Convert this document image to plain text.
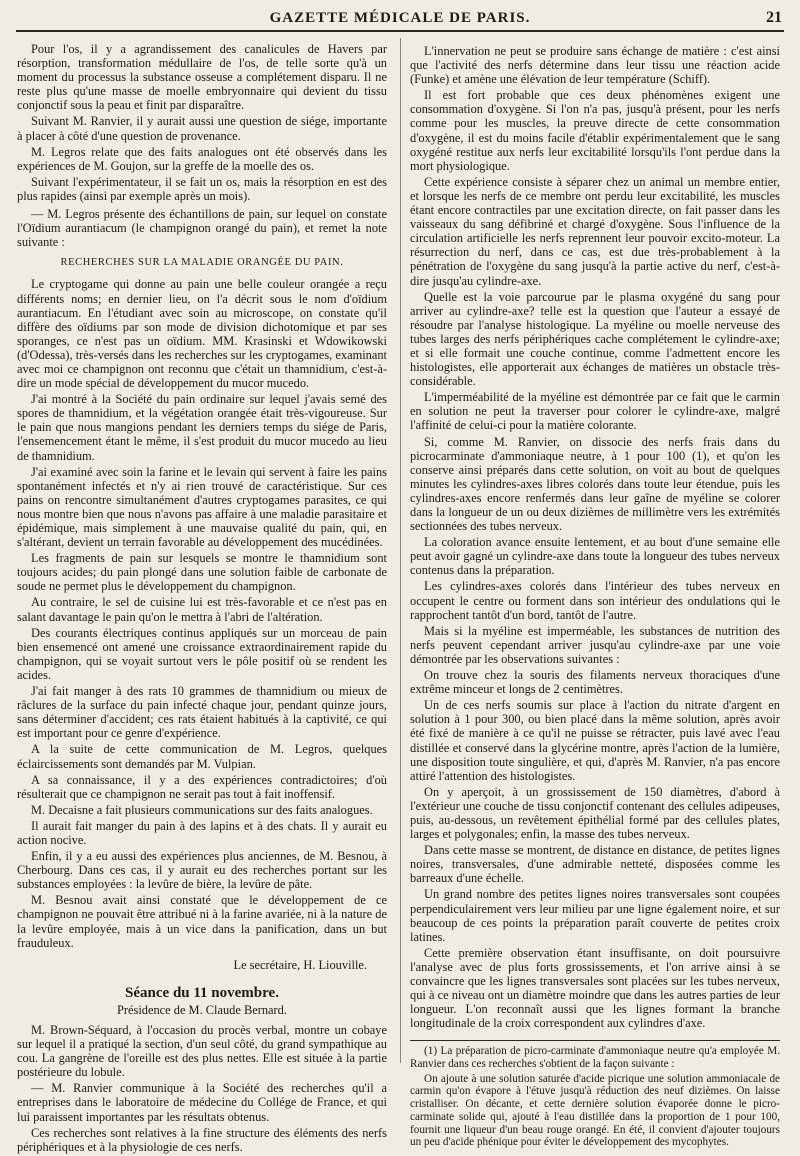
GAZETTE MÉDICALE DE PARIS.	21

Pour l'os, il y a agrandissement des canalicules de Havers par résorption, transformation médullaire de l'os, de telle sorte qu'à un moment du processus la substance osseuse a complétement disparu. Il ne reste plus qu'une masse de moelle embryonnaire qui devient du tissu conjonctif sous la peau et finit par disparaître.

Suivant M. Ranvier, il y aurait aussi une question de siége, importante à placer à côté d'une question de provenance.

M. Legros relate que des faits analogues ont été observés dans les expériences de M. Goujon, sur la greffe de la moelle des os.

Suivant l'expérimentateur, il se fait un os, mais la résorption en est des plus rapides (ainsi par exemple après un mois).

— M. Legros présente des échantillons de pain, sur lequel on constate l'Oïdium aurantiacum (le champignon orangé du pain), et remet la note suivante :

RECHERCHES SUR LA MALADIE ORANGÉE DU PAIN.

Le cryptogame qui donne au pain une belle couleur orangée a reçu différents noms; en dernier lieu, on l'a décrit sous le nom d'oïdium aurantiacum. En l'étudiant avec soin au microscope, on constate qu'il diffère des oïdiums par son mode de division dichotomique et par ses sporanges, ce n'est pas un oïdium. MM. Krasinski et Wdowikowski (d'Odessa), très-versés dans les recherches sur les cryptogames, examinant avec moi ce champignon ont reconnu que c'était un thamnidium, c'est-à-dire un mode spécial de développement du mucor mucedo.

J'ai montré à la Société du pain ordinaire sur lequel j'avais semé des spores de thamnidium, et la végétation orangée était très-vigoureuse. Sur le pain que nous mangions pendant les derniers temps du siége de Paris, l'ensemencement étant le même, il s'est produit du mucor mucedo au lieu de thamnidium.

J'ai examiné avec soin la farine et le levain qui servent à faire les pains spontanément infectés et n'y ai rien trouvé de caractéristique. Sur ces pains on rencontre simultanément d'autres cryptogames parasites, ce qui nous montre bien que nous n'avons pas affaire à une maladie parasitaire et épidémique, mais simplement à une mauvaise qualité du pain, qui, en s'altérant, devient un terrain favorable au développement des mucédinées.

Les fragments de pain sur lesquels se montre le thamnidium sont toujours acides; du pain plongé dans une solution faible de carbonate de soude ne permet plus le développement du champignon.

Au contraire, le sel de cuisine lui est très-favorable et ce n'est pas en salant davantage le pain qu'on le mettra à l'abri de l'altération.

Des courants électriques continus appliqués sur un morceau de pain bien ensemencé ont amené une croissance extraordinairement rapide du champignon, qui se voyait surtout vers le pôle positif où se rendent les acides.

J'ai fait manger à des rats 10 grammes de thamnidium ou mieux de râclures de la surface du pain infecté chaque jour, pendant quinze jours, sans déterminer d'accident; ces rats étaient habitués à la captivité, ce qui est important pour ce genre d'expérience.

A la suite de cette communication de M. Legros, quelques éclaircissements sont demandés par M. Vulpian.

A sa connaissance, il y a des expériences contradictoires; d'où résulterait que ce champignon ne serait pas tout à fait inoffensif.

M. Decaisne a fait plusieurs communications sur des faits analogues.

Il aurait fait manger du pain à des lapins et à des chats. Il y aurait eu action nocive.

Enfin, il y a eu aussi des expériences plus anciennes, de M. Besnou, à Cherbourg. Dans ces cas, il y aurait eu des recherches portant sur les substances employées : la levûre de bière, la levûre de pâte.

M. Besnou avait ainsi constaté que le développement de ce champignon ne pouvait être attribué ni à la farine avariée, ni à la nature de la levûre employée, mais à un vice dans la panification, dans un but frauduleux.

Le secrétaire, H. Liouville.
Séance du 11 novembre.
Présidence de M. Claude Bernard.

M. Brown-Séquard, à l'occasion du procès verbal, montre un cobaye sur lequel il a pratiqué la section, d'un seul côté, du grand sympathique au cou. La gangrène de l'oreille est des plus nettes. Elle est située à la partie postérieure du lobule.

— M. Ranvier communique à la Société des recherches qu'il a entreprises dans le laboratoire de médecine du Collége de France, et qui lui paraissent importantes par les résultats obtenus.

Ces recherches sont relatives à la fine structure des éléments des nerfs périphériques et à la physiologie de ces nerfs.

L'innervation ne peut se produire sans échange de matière : c'est ainsi que l'activité des nerfs détermine dans leur tissu une réaction acide (Funke) et amène une élévation de leur température (Schiff).

Il est fort probable que ces deux phénomènes exigent une consommation d'oxygène. Si l'on n'a pas, jusqu'à présent, pour les nerfs comme pour les muscles, la preuve directe de cette consommation d'oxygène, il est du moins facile d'établir expérimentalement que le sang oxygéné restitue aux nerfs leur excitabilité lorsqu'ils l'ont perdue dans la mort physiologique.

Cette expérience consiste à séparer chez un animal un membre entier, et lorsque les nerfs de ce membre ont perdu leur excitabilité, les muscles étant encore contractiles par une excitation directe, on fait passer dans les vaisseaux du sang défibriné et chargé d'oxygène. Sous l'influence de la circulation artificielle les nerfs reprennent leur pouvoir excito-moteur. La résurrection du nerf, dans ce cas, est due très-probablement à la pénétration de l'oxygène du sang jusqu'à la partie active du nerf, c'est-à-dire jusqu'au cylindre-axe.

Quelle est la voie parcourue par le plasma oxygéné du sang pour arriver au cylindre-axe? telle est la question que l'auteur a essayé de résoudre par l'analyse histologique. La myéline ou moelle nerveuse des tubes larges des nerfs périphériques cache complétement le cylindre-axe; et si elle formait une couche continue, comme l'admettent encore les histologistes, elle apporterait aux échanges de matières un obstacle très-considérable.

L'imperméabilité de la myéline est démontrée par ce fait que le carmin en solution ne peut la traverser pour colorer le cylindre-axe, malgré l'affinité de celui-ci pour la matière colorante.

Si, comme M. Ranvier, on dissocie des nerfs frais dans du picrocarminate d'ammoniaque neutre, à 1 pour 100 (1), et qu'on les conserve ainsi préparés dans cette solution, on voit au bout de quelques minutes les cylindres-axes libres colorés dans toute leur étendue, puis les cylindres-axes encore renfermés dans leur gaîne de myéline se colorer dans la longueur de un ou deux dizièmes de millimètre vers les extrémités sectionnées des tubes nerveux.

La coloration avance ensuite lentement, et au bout d'une semaine elle peut avoir gagné un cylindre-axe dans toute la longueur des tubes nerveux contenus dans la préparation.

Les cylindres-axes colorés dans l'intérieur des tubes nerveux en occupent le centre ou forment dans son intérieur des ondulations qui le rapprochent tantôt d'un bord, tantôt de l'autre.

Mais si la myéline est imperméable, les substances de nutrition des nerfs peuvent cependant arriver jusqu'au cylindre-axe par une voie démontrée par les observations suivantes :

On trouve chez la souris des filaments nerveux thoraciques d'une extrême minceur et longs de 2 centimètres.

Un de ces nerfs soumis sur place à l'action du nitrate d'argent en solution à 1 pour 300, ou bien placé dans la même solution, après avoir été fixé de manière à ce qu'il ne puisse se rétracter, puis lavé avec l'eau distillée et conservé dans la glycérine montre, après l'action de la lumière, une disposition toute singulière, et qui, d'après M. Ranvier, n'a pas encore attiré l'attention des histologistes.

On y aperçoit, à un grossissement de 150 diamètres, d'abord à l'extérieur une couche de tissu conjonctif contenant des cellules adipeuses, puis, au-dessous, un revêtement épithélial formé par des cellules plates, larges et polygonales; enfin, la masse des tubes nerveux.

Dans cette masse se montrent, de distance en distance, de petites lignes noires, transversales, d'une admirable netteté, disposées comme les barreaux d'une échelle.

Un grand nombre des petites lignes noires transversales sont coupées perpendiculairement vers leur milieu par une ligne également noire, et sur beaucoup de ces points la préparation paraît couverte de petites croix latines.

Cette première observation étant insuffisante, on doit poursuivre l'analyse avec de plus forts grossissements, et l'on arrive ainsi à se convaincre que les lignes transversales sont placées sur les tubes nerveux, qui à ce niveau ont un diamètre moindre que dans les autres parties de leur longueur. L'on reconnaît aussi que les lignes formant la branche longitudinale de la croix correspondent aux cylindres d'axe.

(1) La préparation de picro-carminate d'ammoniaque neutre qu'a employée M. Ranvier dans ces recherches s'obtient de la façon suivante :

On ajoute à une solution saturée d'acide picrique une solution ammoniacale de carmin qu'on évapore à l'étuve jusqu'à réduction des neuf dizièmes. On laisse cristalliser. On décante, et cette dernière solution évaporée donne le picro-carminate solide qui, ajouté à l'eau distillée dans la proportion de 1 pour 100, fournit une liqueur d'un beau rouge orangé. En été, il convient d'ajouter toujours un peu d'acide phénique pour éviter le développement des mycophytes.
